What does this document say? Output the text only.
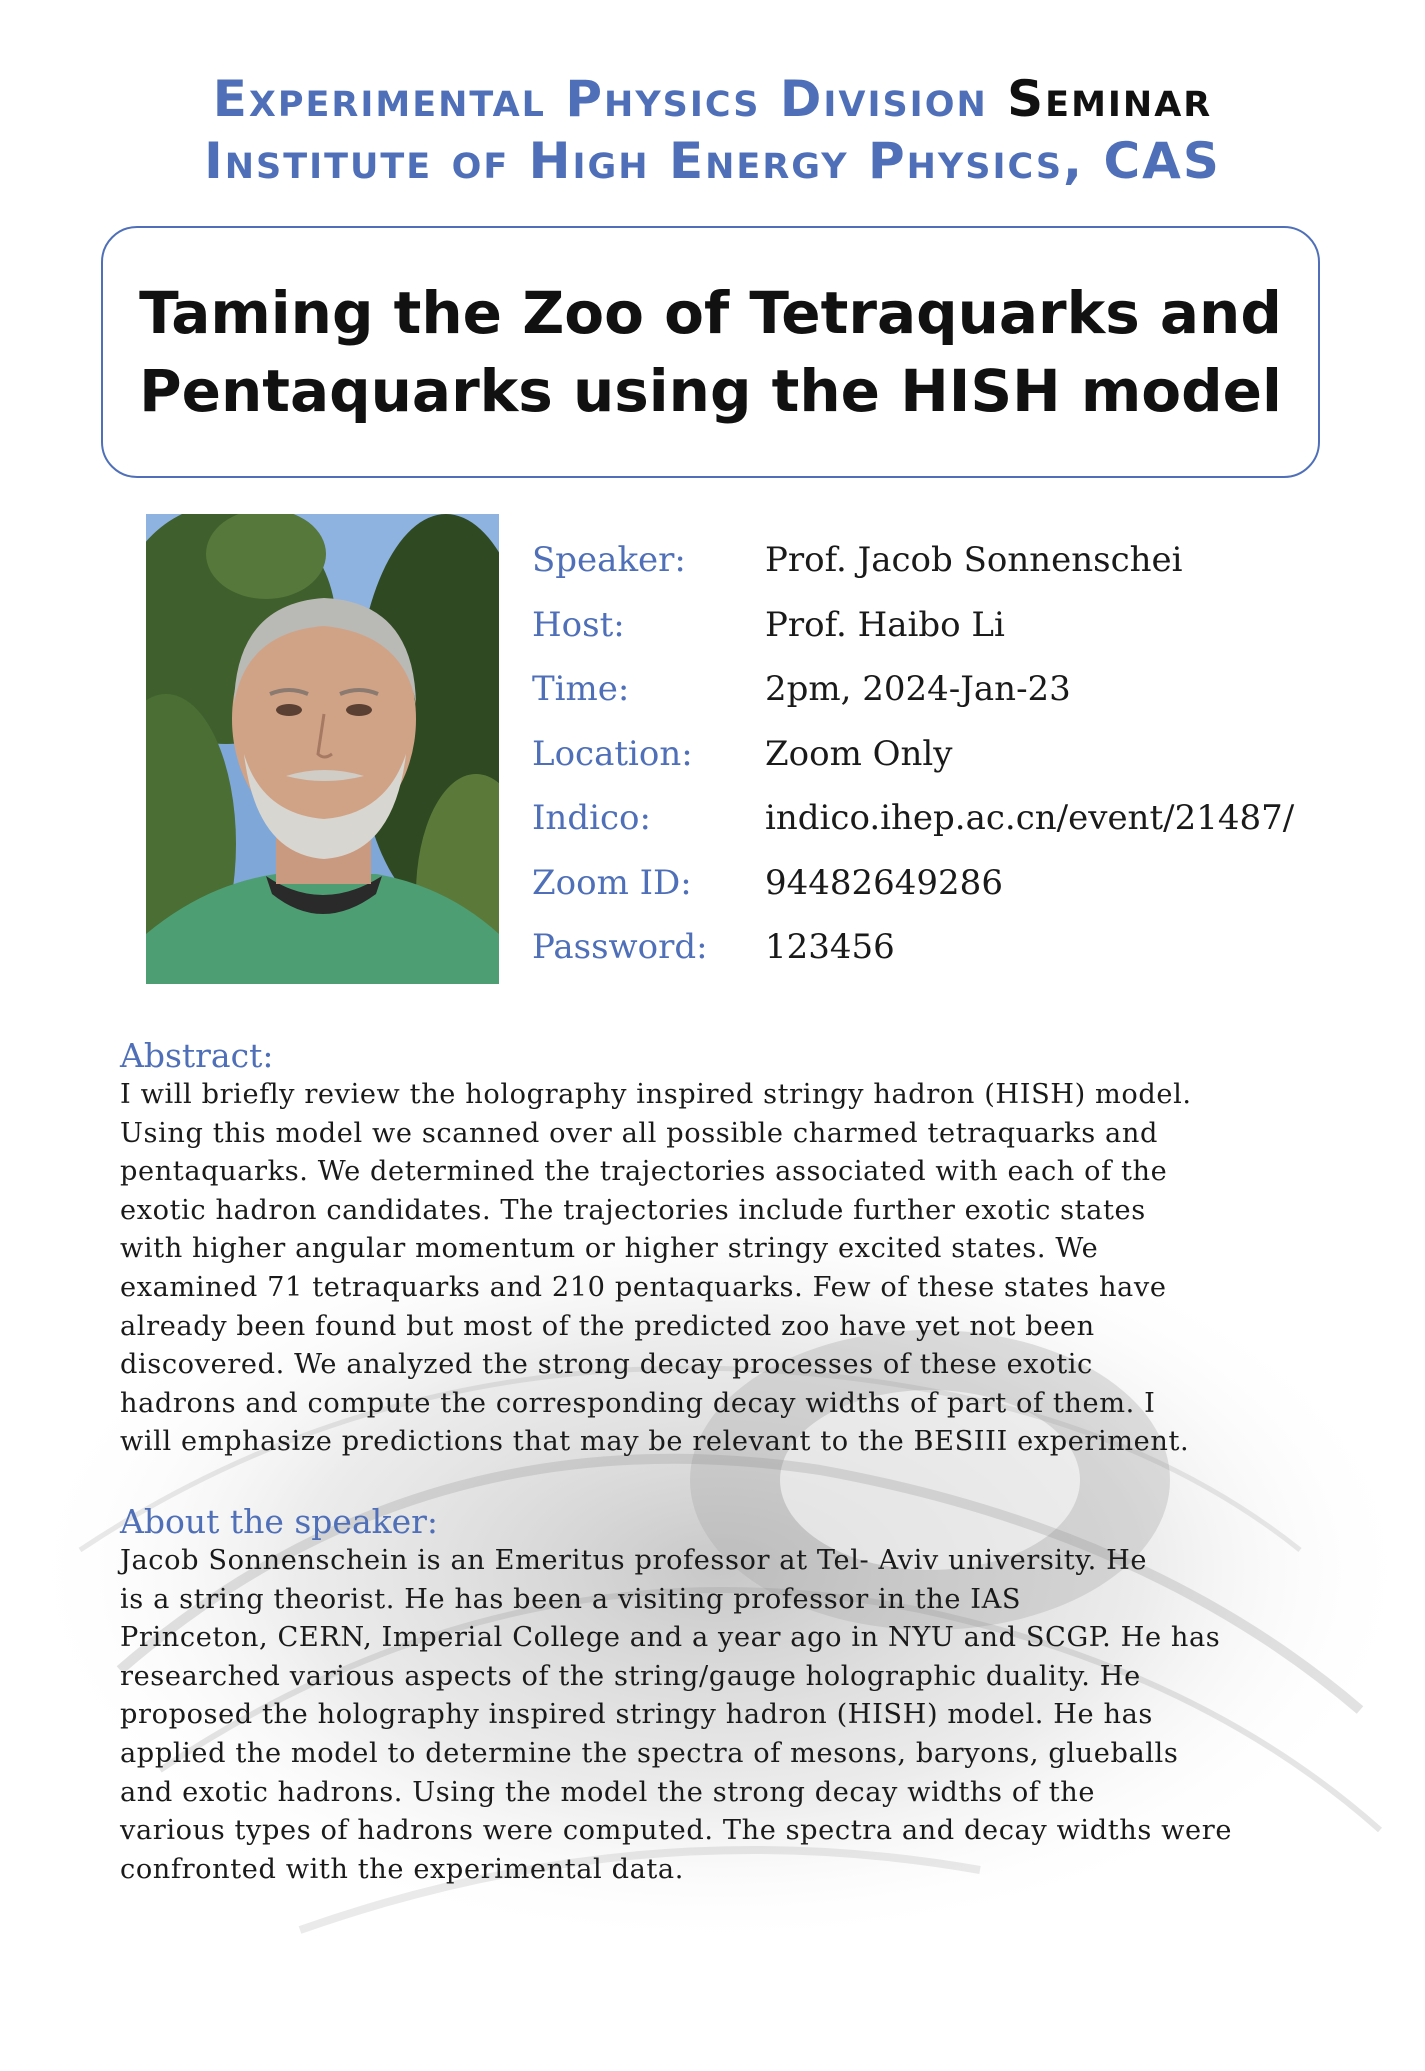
Experimental Physics Division Seminar
Institute of High Energy Physics, CAS
Taming the Zoo of Tetraquarks and Pentaquarks using the HISH model
Speaker: Prof. Jacob Sonnenschei
Host:	Prof. Haibo Li
Time:	2pm, 2024-Jan-23
Location: Zoom Only
Indico:	indico.ihep.ac.cn/event/21487/
Zoom ID: 94482649286
Password: 123456
Abstract:
I will briefly review the holography inspired stringy hadron (HISH) model.
Using this model we scanned over all possible charmed tetraquarks and
pentaquarks. We determined the trajectories associated with each of the
exotic hadron candidates. The trajectories include further exotic states
with higher angular momentum or higher stringy excited states. We
examined 71 tetraquarks and 210 pentaquarks. Few of these states have
already been found but most of the predicted zoo have yet not been
discovered. We analyzed the strong decay processes of these exotic
hadrons and compute the corresponding decay widths of part of them. I
will emphasize predictions that may be relevant to the BESIII experiment.
About the speaker:
Jacob Sonnenschein is an Emeritus professor at Tel- Aviv university. He
is a string theorist. He has been a visiting professor in the IAS
Princeton, CERN, Imperial College and a year ago in NYU and SCGP. He has
researched various aspects of the string/gauge holographic duality. He
proposed the holography inspired stringy hadron (HISH) model. He has
applied the model to determine the spectra of mesons, baryons, glueballs
and exotic hadrons. Using the model the strong decay widths of the
various types of hadrons were computed. The spectra and decay widths were
confronted with the experimental data.
